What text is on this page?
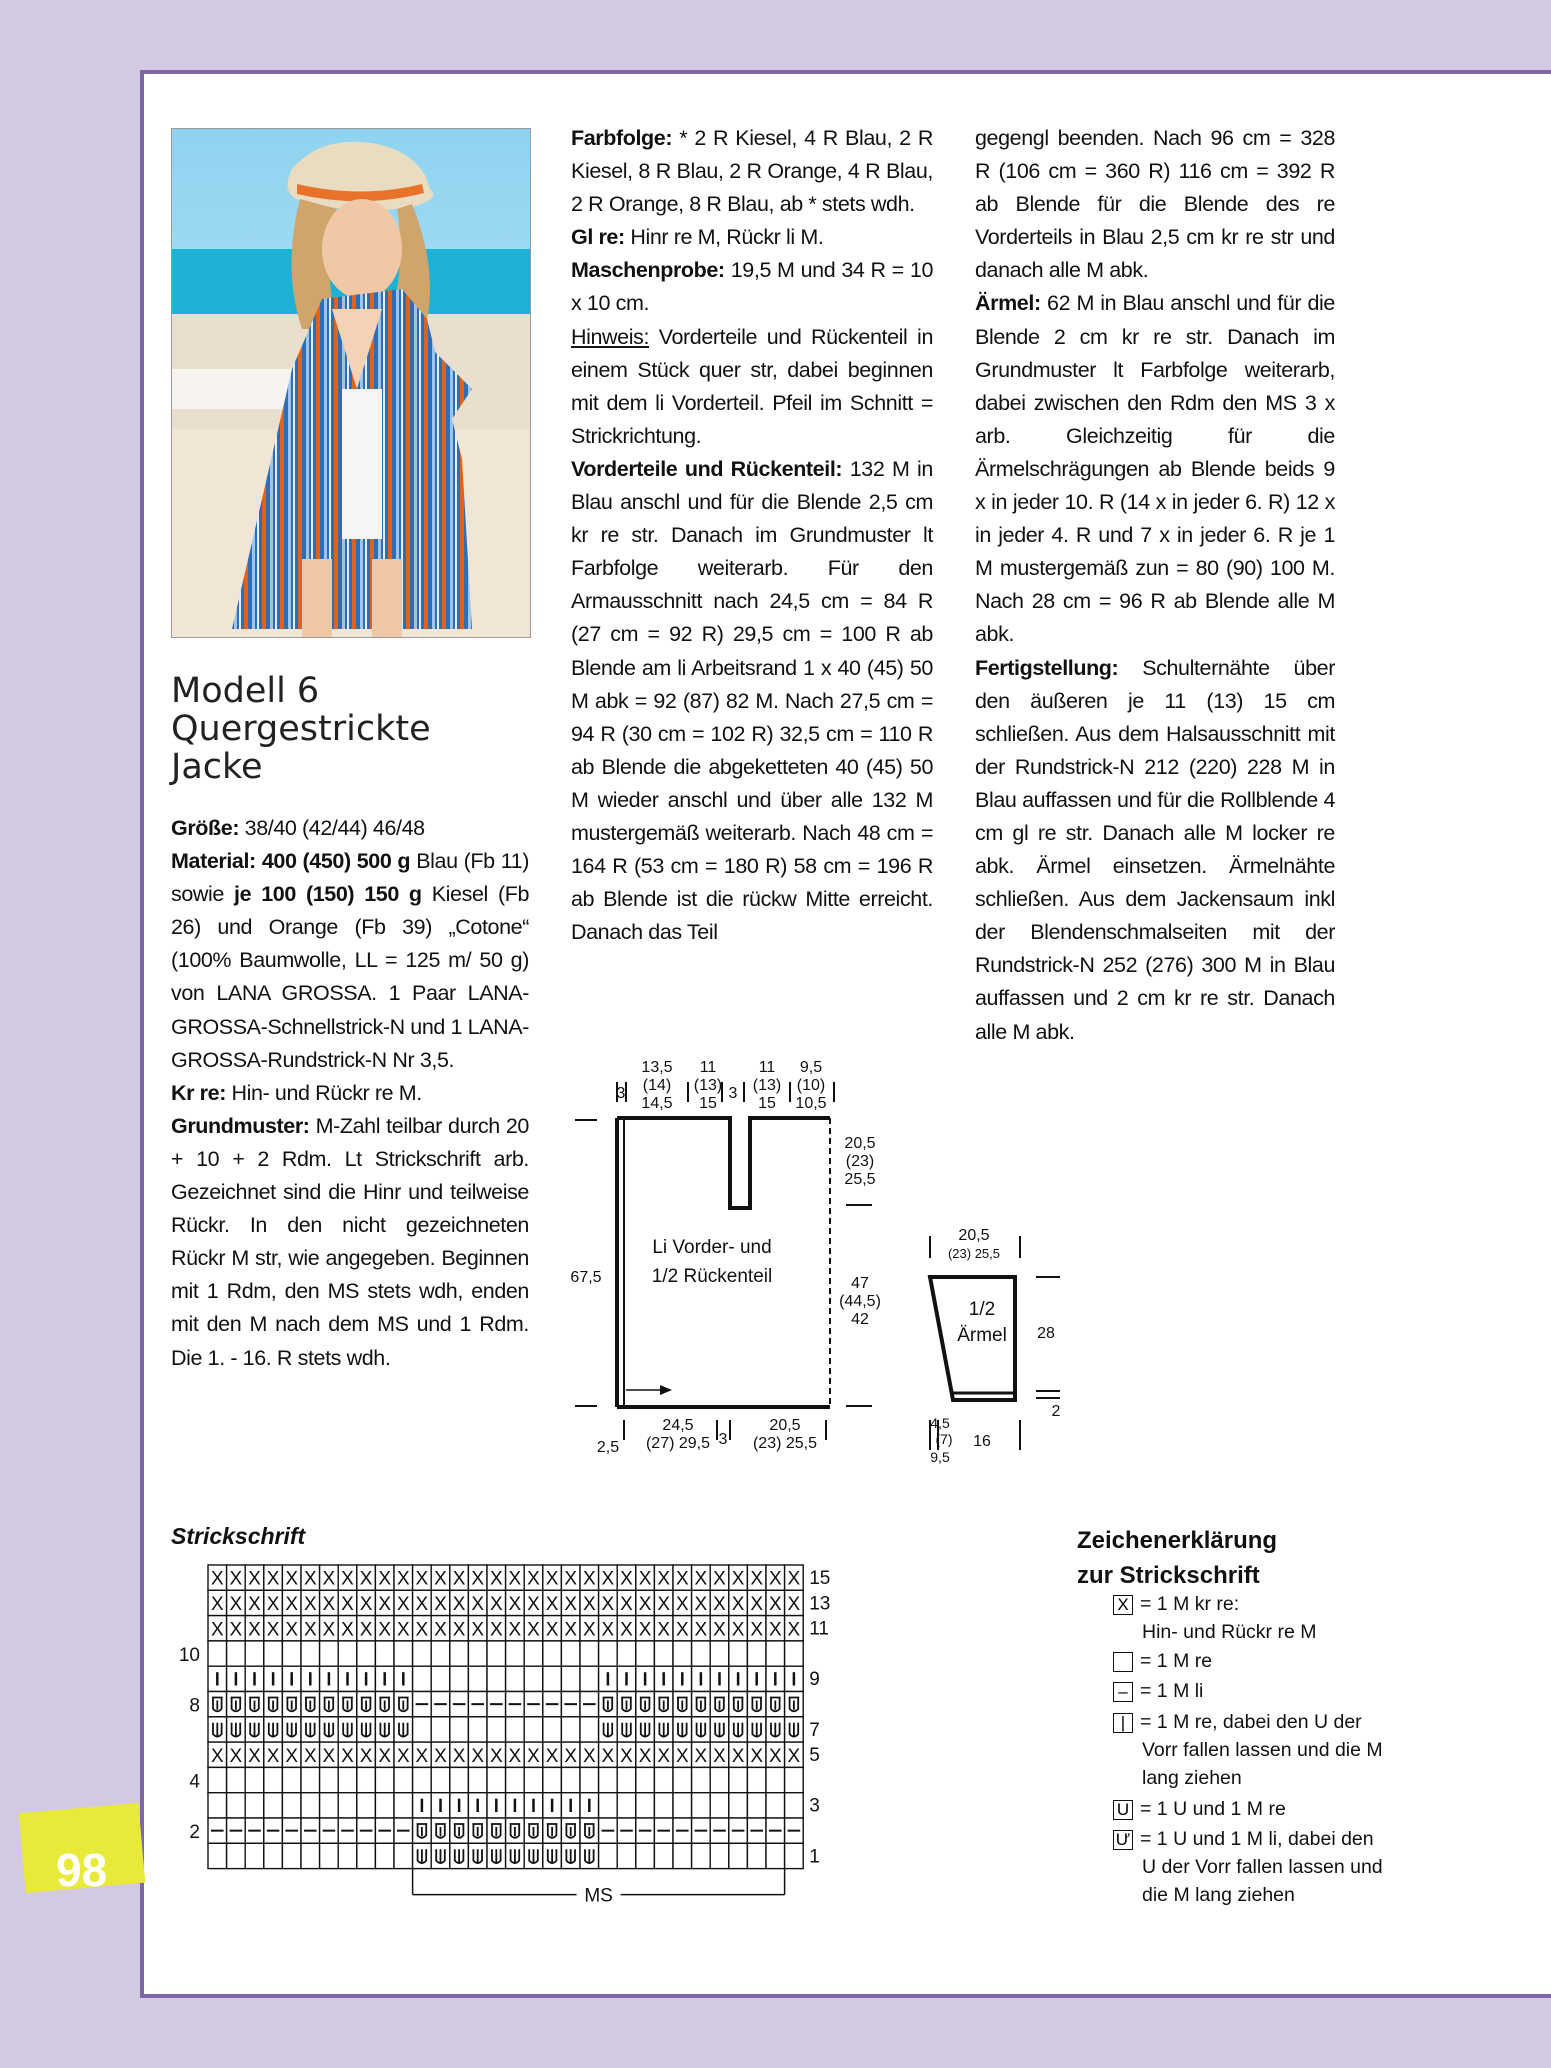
Modell 6
Quergestrickte
Jacke

Größe: 38/40 (42/44) 46/48

Material: 400 (450) 500 g Blau (Fb 11) sowie je 100 (150) 150 g Kiesel (Fb 26) und Orange (Fb 39) „Cotone“ (100% Baumwolle, LL = 125 m/ 50 g) von LANA GROSSA. 1 Paar LANA-GROSSA-Schnellstrick-N und 1 LANA-GROSSA-Rundstrick-N Nr 3,5.

Kr re: Hin- und Rückr re M.

Grundmuster: M-Zahl teilbar durch 20 + 10 + 2 Rdm. Lt Strickschrift arb. Gezeichnet sind die Hinr und teilweise Rückr. In den nicht gezeichneten Rückr M str, wie angegeben. Beginnen mit 1 Rdm, den MS stets wdh, enden mit den M nach dem MS und 1 Rdm. Die 1. - 16. R stets wdh.

Farbfolge: * 2 R Kiesel, 4 R Blau, 2 R Kiesel, 8 R Blau, 2 R Orange, 4 R Blau, 2 R Orange, 8 R Blau, ab * stets wdh.

Gl re: Hinr re M, Rückr li M.

Maschenprobe: 19,5 M und 34 R = 10 x 10 cm.

Hinweis: Vorderteile und Rückenteil in einem Stück quer str, dabei beginnen mit dem li Vorderteil. Pfeil im Schnitt = Strickrichtung.

Vorderteile und Rückenteil: 132 M in Blau anschl und für die Blende 2,5 cm kr re str. Danach im Grundmuster lt Farbfolge weiterarb. Für den Armausschnitt nach 24,5 cm = 84 R (27 cm = 92 R) 29,5 cm = 100 R ab Blende am li Arbeitsrand 1 x 40 (45) 50 M abk = 92 (87) 82 M. Nach 27,5 cm = 94 R (30 cm = 102 R) 32,5 cm = 110 R ab Blende die abgeketteten 40 (45) 50 M wieder anschl und über alle 132 M mustergemäß weiterarb. Nach 48 cm = 164 R (53 cm = 180 R) 58 cm = 196 R ab Blende ist die rückw Mitte erreicht. Danach das Teil

gegengl beenden. Nach 96 cm = 328 R (106 cm = 360 R) 116 cm = 392 R ab Blende für die Blende des re Vorderteils in Blau 2,5 cm kr re str und danach alle M abk.

Ärmel: 62 M in Blau anschl und für die Blende 2 cm kr re str. Danach im Grundmuster lt Farbfolge weiterarb, dabei zwischen den Rdm den MS 3 x arb. Gleichzeitig für die Ärmelschrägungen ab Blende beids 9 x in jeder 10. R (14 x in jeder 6. R) 12 x in jeder 4. R und 7 x in jeder 6. R je 1 M mustergemäß zun = 80 (90) 100 M. Nach 28 cm = 96 R ab Blende alle M abk.

Fertigstellung: Schulternähte über den äußeren je 11 (13) 15 cm schließen. Aus dem Halsausschnitt mit der Rundstrick-N 212 (220) 228 M in Blau auffassen und für die Rollblende 4 cm gl re str. Danach alle M locker re abk. Ärmel einsetzen. Ärmelnähte schließen. Aus dem Jackensaum inkl der Blendenschmalseiten mit der Rundstrick-N 252 (276) 300 M in Blau auffassen und 2 cm kr re str. Danach alle M abk.

13,5
(14)
14,5
11
(13)
15
11
(13)
15
9,5
(10)
10,5
3	3
67,5
20,5
(23)
25,5
47
(44,5)
42
2,5
24,5
(27) 29,5 3
20,5
(23) 25,5
20,5
(23) 25,5
28
2
4,5
(7)
9,5
16
Li Vorder- und
1/2 Rückenteil
1/2
Ärmel
Strickschrift
X X X X X X X X X X X X X X X X X X X X X X X X X X X X X X X X 15
X X X X X X X X X X X X X X X X X X X X X X X X X X X X X X X X 13
X X X X X X X X X X X X X X X X X X X X X X X X X X X X X X X X 11
10
9
8
7
X X X X X X X X X X X X X X X X X X X X X X X X X X X X X X X X 5
4
3
2
1
MS
Zeichenerklärung
zur Strickschrift
X = 1 M kr re:
Hin- und Rückr re M
= 1 M re
– = 1 M li
| = 1 M re, dabei den U der
Vorr fallen lassen und die M
lang ziehen
U = 1 U und 1 M re
Ư = 1 U und 1 M li, dabei den
U der Vorr fallen lassen und
die M lang ziehen
98
